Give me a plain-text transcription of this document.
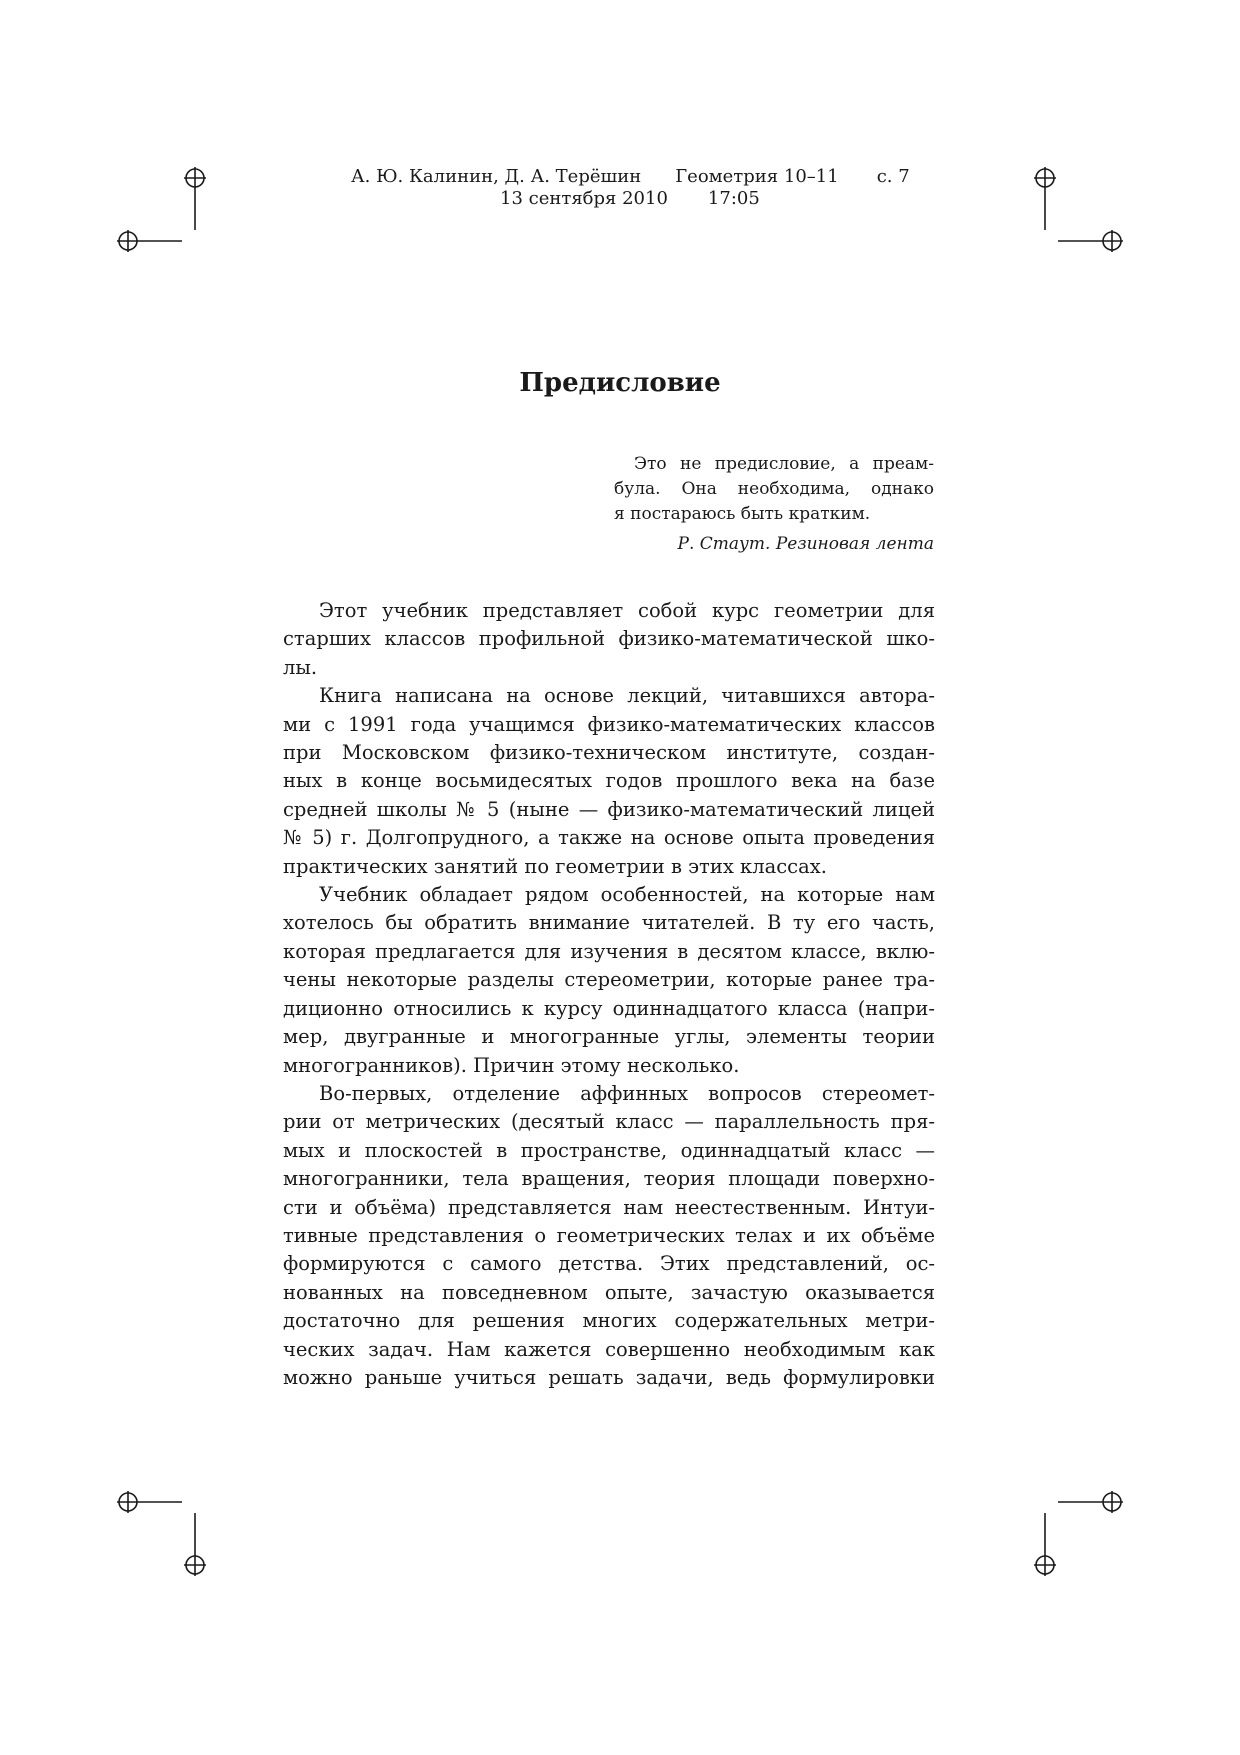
А. Ю. Калинин, Д. А. Терёшин Геометрия 10–11 с. 7
13 сентября 2010 17:05
Предисловие
Это не предисловие, а преам-
була. Она необходима, однако
я постараюсь быть кратким.
Р. Стаут. Резиновая лента
Этот учебник представляет собой курс геометрии для
старших классов профильной физико-математической шко-
лы.
Книга написана на основе лекций, читавшихся автора-
ми с 1991 года учащимся физико-математических классов
при Московском физико-техническом институте, создан-
ных в конце восьмидесятых годов прошлого века на базе
средней школы № 5 (ныне — физико-математический лицей
№ 5) г. Долгопрудного, а также на основе опыта проведения
практических занятий по геометрии в этих классах.
Учебник обладает рядом особенностей, на которые нам
хотелось бы обратить внимание читателей. В ту его часть,
которая предлагается для изучения в десятом классе, вклю-
чены некоторые разделы стереометрии, которые ранее тра-
диционно относились к курсу одиннадцатого класса (напри-
мер, двугранные и многогранные углы, элементы теории
многогранников). Причин этому несколько.
Во-первых, отделение аффинных вопросов стереомет-
рии от метрических (десятый класс — параллельность пря-
мых и плоскостей в пространстве, одиннадцатый класс —
многогранники, тела вращения, теория площади поверхно-
сти и объёма) представляется нам неестественным. Интуи-
тивные представления о геометрических телах и их объёме
формируются с самого детства. Этих представлений, ос-
нованных на повседневном опыте, зачастую оказывается
достаточно для решения многих содержательных метри-
ческих задач. Нам кажется совершенно необходимым как
можно раньше учиться решать задачи, ведь формулировки
